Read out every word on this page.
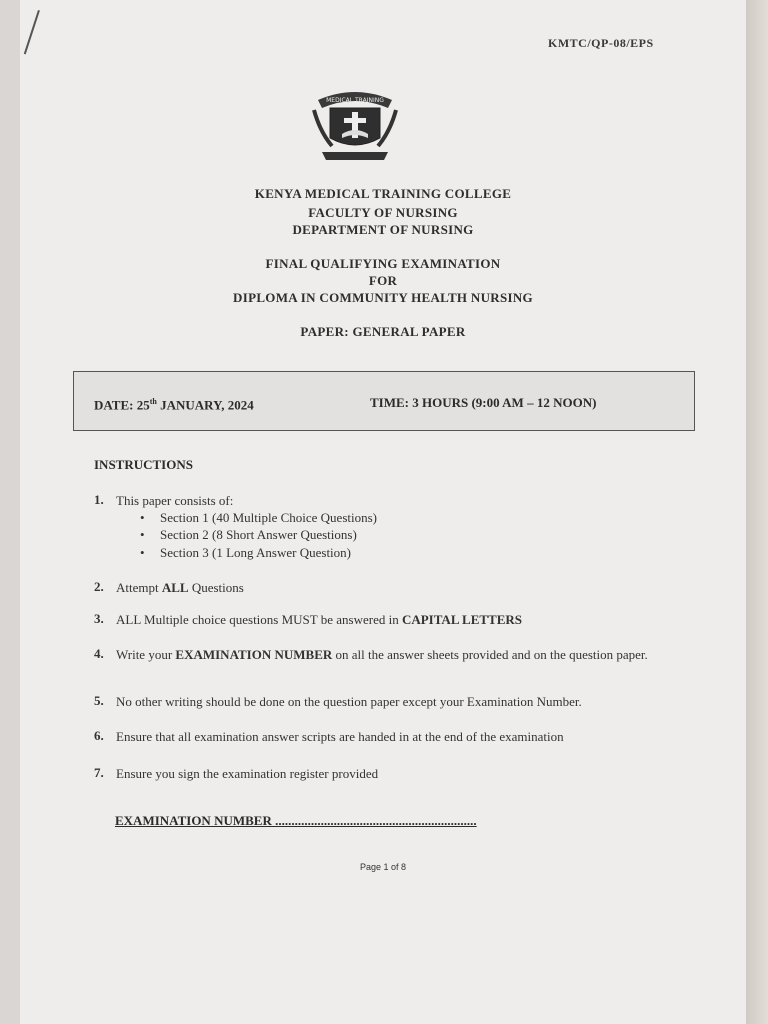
KMTC/QP-08/EPS
MEDICAL TRAINING
KENYA MEDICAL TRAINING COLLEGE
FACULTY OF NURSING
DEPARTMENT OF NURSING
FINAL QUALIFYING EXAMINATION
FOR
DIPLOMA IN COMMUNITY HEALTH NURSING
PAPER: GENERAL PAPER
DATE: 25th JANUARY, 2024	TIME: 3 HOURS (9:00 AM – 12 NOON)
INSTRUCTIONS
1. This paper consists of:
• Section 1 (40 Multiple Choice Questions)
• Section 2 (8 Short Answer Questions)
• Section 3 (1 Long Answer Question)
2. Attempt ALL Questions
3. ALL Multiple choice questions MUST be answered in CAPITAL LETTERS
4. Write your EXAMINATION NUMBER on all the answer sheets provided and on the question paper.
5. No other writing should be done on the question paper except your Examination Number.
6. Ensure that all examination answer scripts are handed in at the end of the examination
7. Ensure you sign the examination register provided
EXAMINATION NUMBER ..............................................................
Page 1 of 8
